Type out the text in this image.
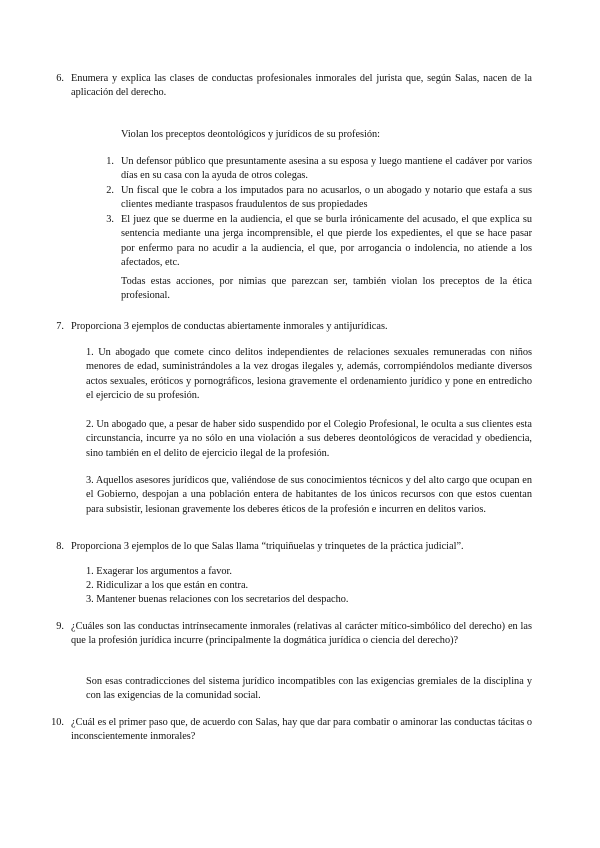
6. Enumera y explica las clases de conductas profesionales inmorales del jurista que, según Salas, nacen de la aplicación del derecho.
Violan los preceptos deontológicos y jurídicos de su profesión:
1. Un defensor público que presuntamente asesina a su esposa y luego mantiene el cadáver por varios días en su casa con la ayuda de otros colegas.
2. Un fiscal que le cobra a los imputados para no acusarlos, o un abogado y notario que estafa a sus clientes mediante traspasos fraudulentos de sus propiedades
3. El juez que se duerme en la audiencia, el que se burla irónicamente del acusado, el que explica su sentencia mediante una jerga incomprensible, el que pierde los expedientes, el que se hace pasar por enfermo para no acudir a la audiencia, el que, por arrogancia o indolencia, no atiende a los afectados, etc.
Todas estas acciones, por nimias que parezcan ser, también violan los preceptos de la ética profesional.
7. Proporciona 3 ejemplos de conductas abiertamente inmorales y antijurídicas.
1. Un abogado que comete cinco delitos independientes de relaciones sexuales remuneradas con niños menores de edad, suministrándoles a la vez drogas ilegales y, además, corrompiéndolos mediante diversos actos sexuales, eróticos y pornográficos, lesiona gravemente el ordenamiento jurídico y pone en entredicho el ejercicio de su profesión.
2. Un abogado que, a pesar de haber sido suspendido por el Colegio Profesional, le oculta a sus clientes esta circunstancia, incurre ya no sólo en una violación a sus deberes deontológicos de veracidad y obediencia, sino también en el delito de ejercicio ilegal de la profesión.
3. Aquellos asesores jurídicos que, valiéndose de sus conocimientos técnicos y del alto cargo que ocupan en el Gobierno, despojan a una población entera de habitantes de los únicos recursos con que estos cuentan para subsistir, lesionan gravemente los deberes éticos de la profesión e incurren en delitos varios.
8. Proporciona 3 ejemplos de lo que Salas llama “triquiñuelas y trinquetes de la práctica judicial”.
1. Exagerar los argumentos a favor.
2. Ridiculizar a los que están en contra.
3. Mantener buenas relaciones con los secretarios del despacho.
9. ¿Cuáles son las conductas intrínsecamente inmorales (relativas al carácter mítico-simbólico del derecho) en las que la profesión jurídica incurre (principalmente la dogmática jurídica o ciencia del derecho)?
Son esas contradicciones del sistema jurídico incompatibles con las exigencias gremiales de la disciplina y con las exigencias de la comunidad social.
10. ¿Cuál es el primer paso que, de acuerdo con Salas, hay que dar para combatir o aminorar las conductas tácitas o inconscientemente inmorales?
